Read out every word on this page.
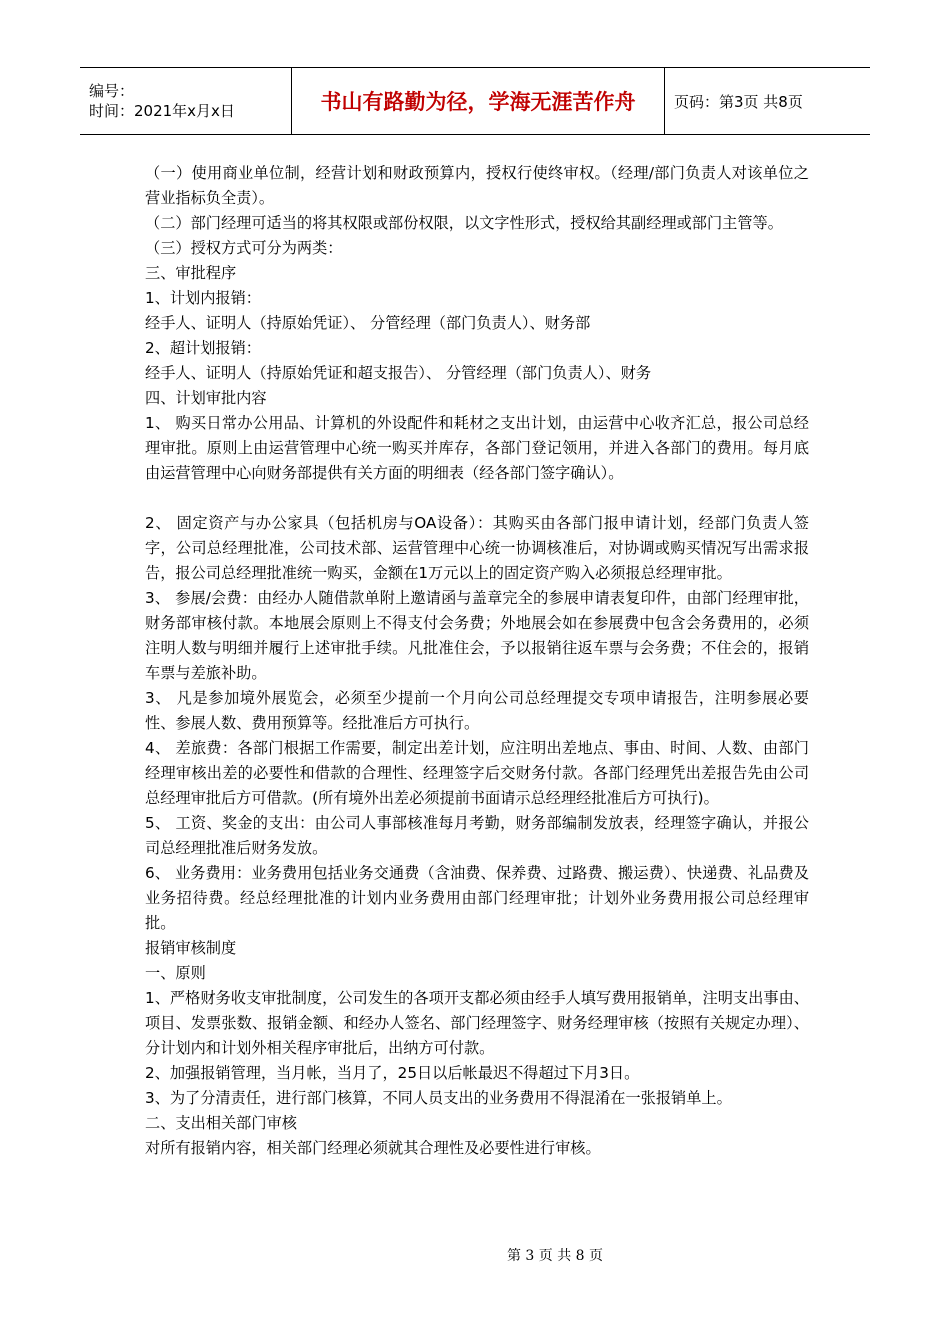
编号：
时间：2021年x月x日	书山有路勤为径，学海无涯苦作舟	页码：第3页 共8页

（一）使用商业单位制，经营计划和财政预算内，授权行使终审权。（经理/部门负责人对该单位之营业指标负全责）。

（二）部门经理可适当的将其权限或部份权限，以文字性形式，授权给其副经理或部门主管等。

（三）授权方式可分为两类：

三、审批程序

1、计划内报销：

经手人、证明人（持原始凭证）、 分管经理（部门负责人）、财务部

2、超计划报销：

经手人、证明人（持原始凭证和超支报告）、 分管经理（部门负责人）、财务

四、计划审批内容

1、 购买日常办公用品、计算机的外设配件和耗材之支出计划，由运营中心收齐汇总，报公司总经理审批。原则上由运营管理中心统一购买并库存，各部门登记领用，并进入各部门的费用。每月底由运营管理中心向财务部提供有关方面的明细表（经各部门签字确认）。

2、 固定资产与办公家具（包括机房与OA设备）：其购买由各部门报申请计划，经部门负责人签字，公司总经理批准，公司技术部、运营管理中心统一协调核准后，对协调或购买情况写出需求报告，报公司总经理批准统一购买，金额在1万元以上的固定资产购入必须报总经理审批。

3、 参展/会费：由经办人随借款单附上邀请函与盖章完全的参展申请表复印件，由部门经理审批，财务部审核付款。本地展会原则上不得支付会务费；外地展会如在参展费中包含会务费用的，必须注明人数与明细并履行上述审批手续。凡批准住会，予以报销往返车票与会务费；不住会的，报销车票与差旅补助。

3、 凡是参加境外展览会，必须至少提前一个月向公司总经理提交专项申请报告，注明参展必要性、参展人数、费用预算等。经批准后方可执行。

4、 差旅费：各部门根据工作需要，制定出差计划，应注明出差地点、事由、时间、人数、由部门经理审核出差的必要性和借款的合理性、经理签字后交财务付款。各部门经理凭出差报告先由公司总经理审批后方可借款。(所有境外出差必须提前书面请示总经理经批准后方可执行)。

5、 工资、奖金的支出：由公司人事部核准每月考勤，财务部编制发放表，经理签字确认，并报公司总经理批准后财务发放。

6、 业务费用：业务费用包括业务交通费（含油费、保养费、过路费、搬运费）、快递费、礼品费及业务招待费。经总经理批准的计划内业务费用由部门经理审批；计划外业务费用报公司总经理审批。

报销审核制度

一、原则

1、严格财务收支审批制度，公司发生的各项开支都必须由经手人填写费用报销单，注明支出事由、项目、发票张数、报销金额、和经办人签名、部门经理签字、财务经理审核（按照有关规定办理）、分计划内和计划外相关程序审批后，出纳方可付款。

2、加强报销管理，当月帐，当月了，25日以后帐最迟不得超过下月3日。

3、为了分清责任，进行部门核算，不同人员支出的业务费用不得混淆在一张报销单上。

二、支出相关部门审核

对所有报销内容，相关部门经理必须就其合理性及必要性进行审核。

第 3 页 共 8 页
